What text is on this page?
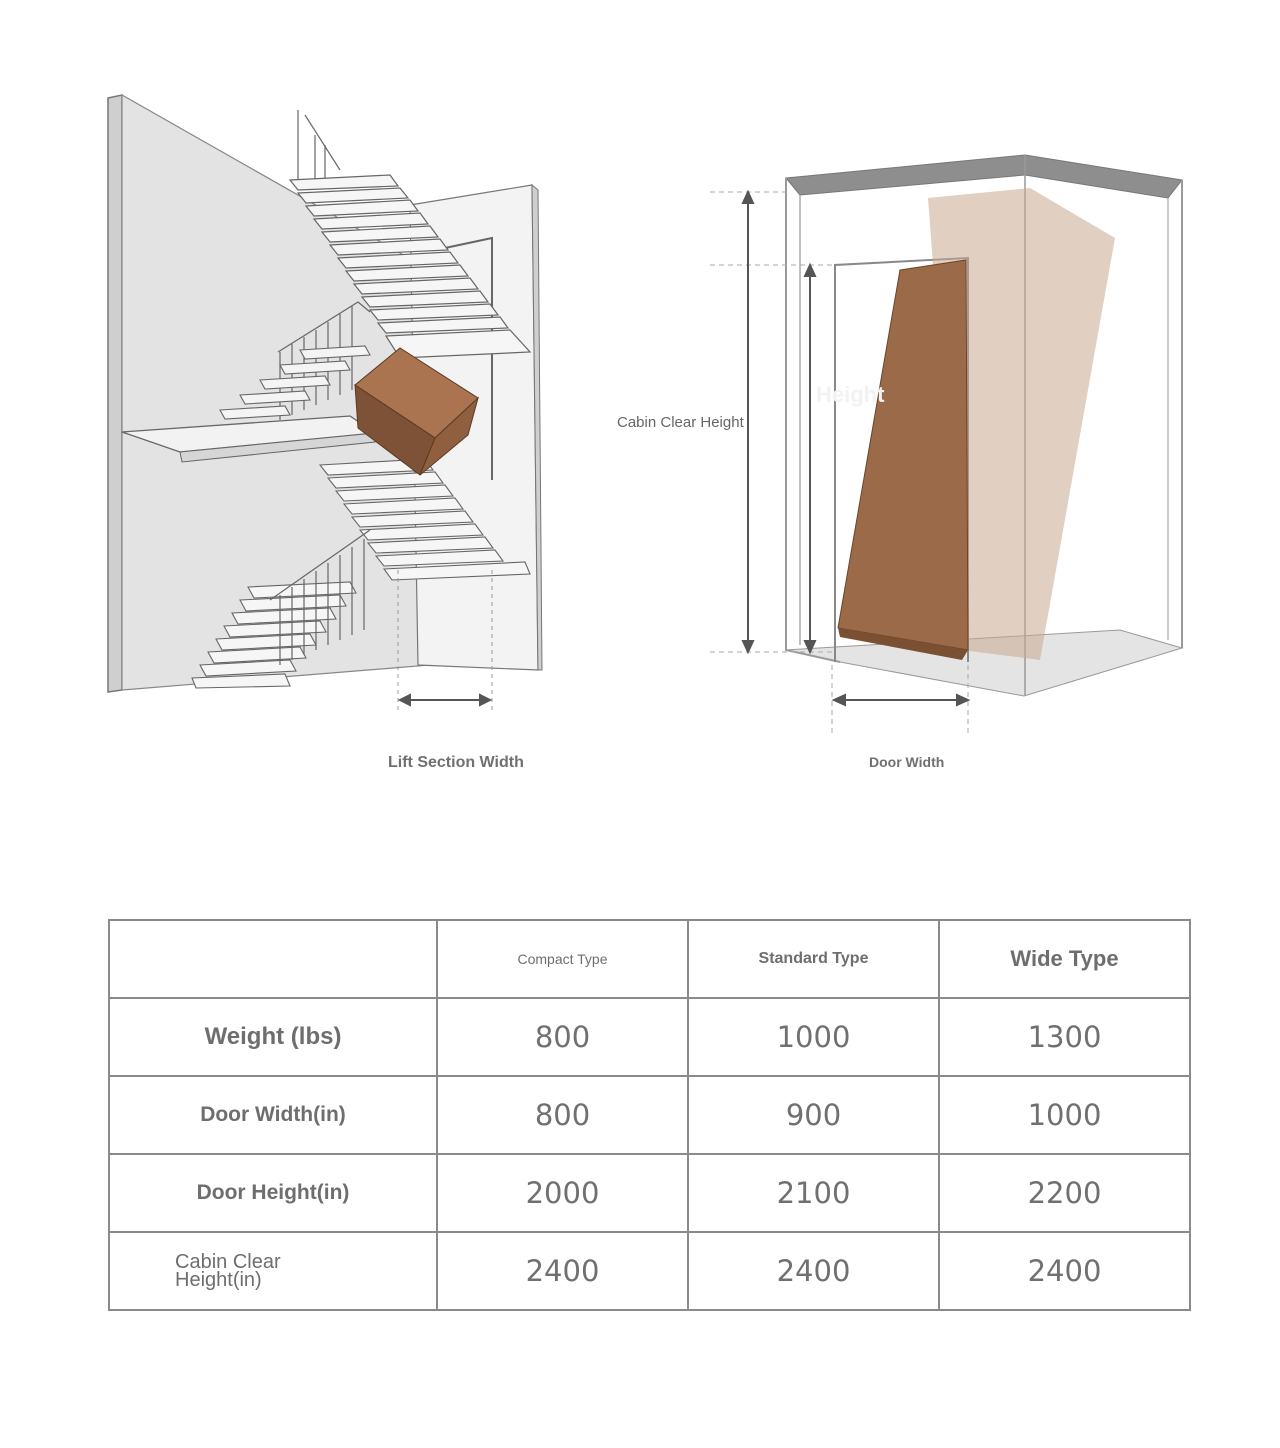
Lift Section Width
Height
Cabin Clear Height
Door Width
	Compact Type	Standard Type	Wide Type
Weight (lbs)	800	1000	1300
Door Width(in)	800	900	1000
Door Height(in)	2000	2100	2200

Cabin Clear Height(in)	2400	2400	2400
